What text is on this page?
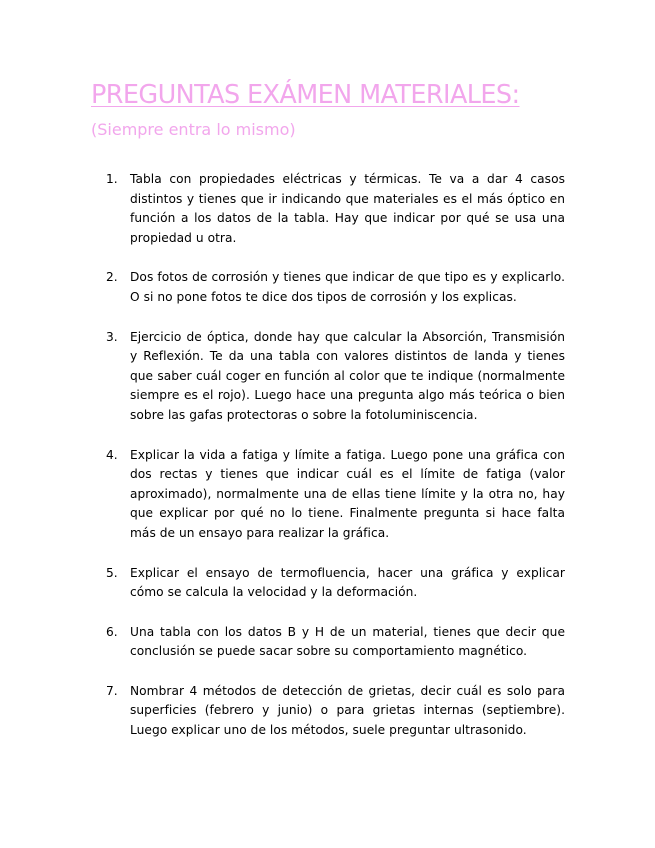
PREGUNTAS EXÁMEN MATERIALES:

(Siempre entra lo mismo)

1. Tabla con propiedades eléctricas y térmicas. Te va a dar 4 casos distintos y tienes que ir indicando que materiales es el más óptico en función a los datos de la tabla. Hay que indicar por qué se usa una propiedad u otra.
2. Dos fotos de corrosión y tienes que indicar de que tipo es y explicarlo. O si no pone fotos te dice dos tipos de corrosión y los explicas.
3. Ejercicio de óptica, donde hay que calcular la Absorción, Transmisión y Reflexión. Te da una tabla con valores distintos de landa y tienes que saber cuál coger en función al color que te indique (normalmente siempre es el rojo). Luego hace una pregunta algo más teórica o bien sobre las gafas protectoras o sobre la fotoluminiscencia.
4. Explicar la vida a fatiga y límite a fatiga. Luego pone una gráfica con dos rectas y tienes que indicar cuál es el límite de fatiga (valor aproximado), normalmente una de ellas tiene límite y la otra no, hay que explicar por qué no lo tiene. Finalmente pregunta si hace falta más de un ensayo para realizar la gráfica.
5. Explicar el ensayo de termofluencia, hacer una gráfica y explicar cómo se calcula la velocidad y la deformación.
6. Una tabla con los datos B y H de un material, tienes que decir que conclusión se puede sacar sobre su comportamiento magnético.
7. Nombrar 4 métodos de detección de grietas, decir cuál es solo para superficies (febrero y junio) o para grietas internas (septiembre). Luego explicar uno de los métodos, suele preguntar ultrasonido.
